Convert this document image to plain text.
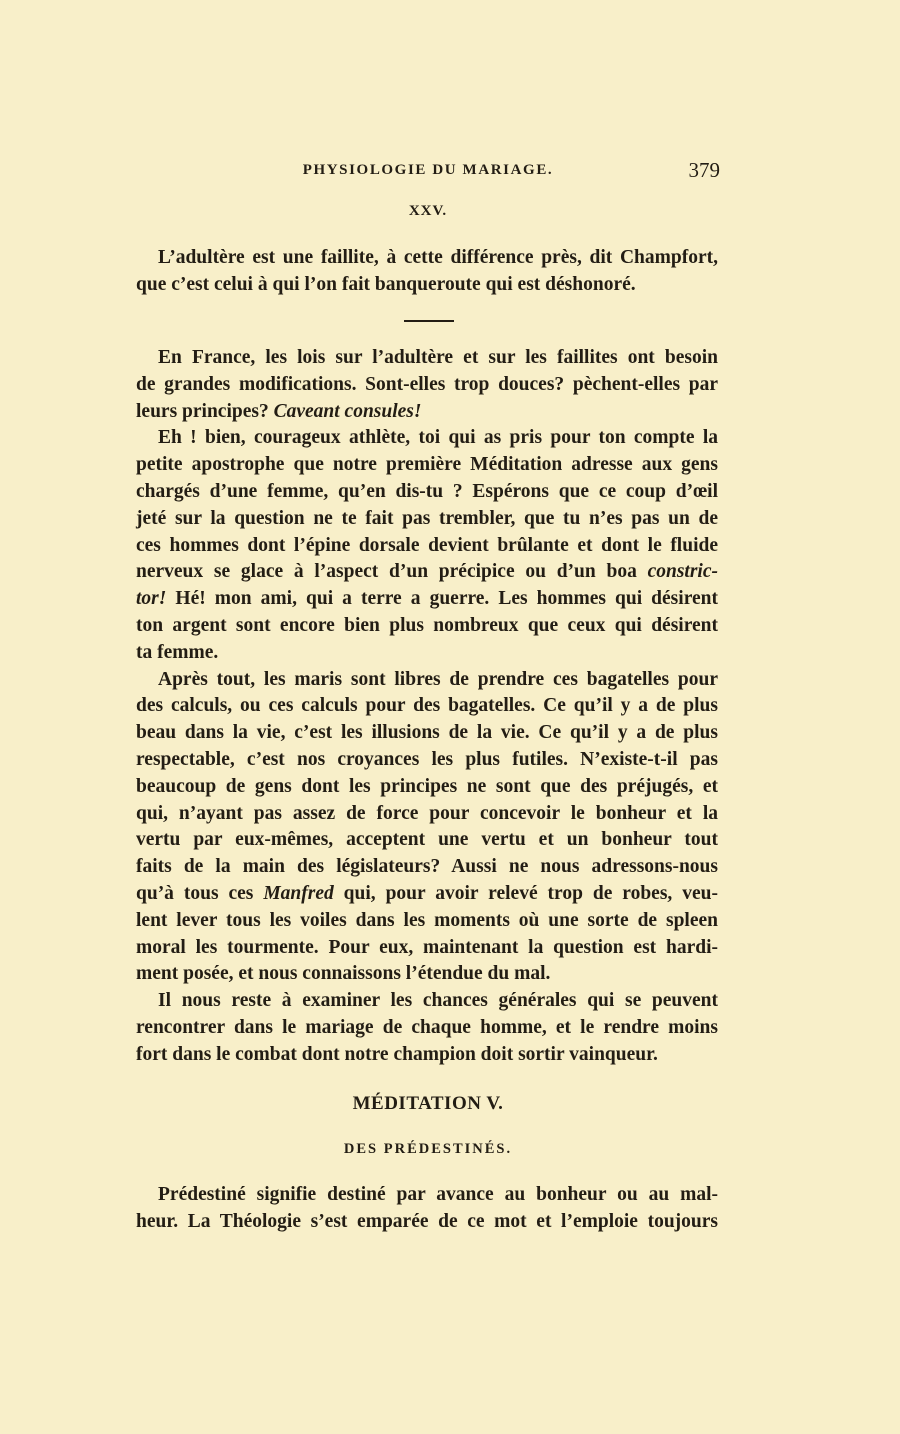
PHYSIOLOGIE DU MARIAGE.	379
XXV.
L’adultère est une faillite, à cette différence près, dit Champfort,
que c’est celui à qui l’on fait banqueroute qui est déshonoré.
En France, les lois sur l’adultère et sur les faillites ont besoin
de grandes modifications. Sont-elles trop douces? pèchent-elles par
leurs principes? Caveant consules!
Eh ! bien, courageux athlète, toi qui as pris pour ton compte la
petite apostrophe que notre première Méditation adresse aux gens
chargés d’une femme, qu’en dis-tu ? Espérons que ce coup d’œil
jeté sur la question ne te fait pas trembler, que tu n’es pas un de
ces hommes dont l’épine dorsale devient brûlante et dont le fluide
nerveux se glace à l’aspect d’un précipice ou d’un boa constric-
tor! Hé! mon ami, qui a terre a guerre. Les hommes qui désirent
ton argent sont encore bien plus nombreux que ceux qui désirent
ta femme.
Après tout, les maris sont libres de prendre ces bagatelles pour
des calculs, ou ces calculs pour des bagatelles. Ce qu’il y a de plus
beau dans la vie, c’est les illusions de la vie. Ce qu’il y a de plus
respectable, c’est nos croyances les plus futiles. N’existe-t-il pas
beaucoup de gens dont les principes ne sont que des préjugés, et
qui, n’ayant pas assez de force pour concevoir le bonheur et la
vertu par eux-mêmes, acceptent une vertu et un bonheur tout
faits de la main des législateurs? Aussi ne nous adressons-nous
qu’à tous ces Manfred qui, pour avoir relevé trop de robes, veu-
lent lever tous les voiles dans les moments où une sorte de spleen
moral les tourmente. Pour eux, maintenant la question est hardi-
ment posée, et nous connaissons l’étendue du mal.
Il nous reste à examiner les chances générales qui se peuvent
rencontrer dans le mariage de chaque homme, et le rendre moins
fort dans le combat dont notre champion doit sortir vainqueur.
MÉDITATION V.
DES PRÉDESTINÉS.
Prédestiné signifie destiné par avance au bonheur ou au mal-
heur. La Théologie s’est emparée de ce mot et l’emploie toujours
